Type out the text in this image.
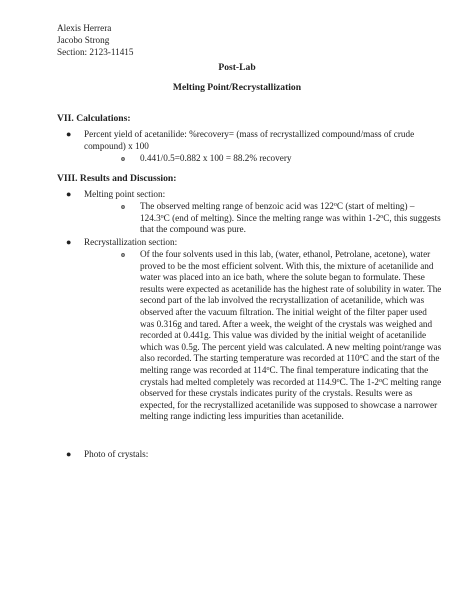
Alexis Herrera
Jacobo Strong
Section: 2123-11415
Post-Lab
Melting Point/Recrystallization
VII. Calculations:
● Percent yield of acetanilide: %recovery= (mass of recrystallized compound/mass of crude
compound) x 100
o 0.441/0.5=0.882 x 100 = 88.2% recovery
VIII. Results and Discussion:
● Melting point section:
o The observed melting range of benzoic acid was 122$^o$C (start of melting) –
124.3$^o$C (end of melting). Since the melting range was within 1-2$^o$C, this suggests
that the compound was pure.
● Recrystallization section:
o Of the four solvents used in this lab, (water, ethanol, Petrolane, acetone), water
proved to be the most efficient solvent. With this, the mixture of acetanilide and
water was placed into an ice bath, where the solute began to formulate. These
results were expected as acetanilide has the highest rate of solubility in water. The
second part of the lab involved the recrystallization of acetanilide, which was
observed after the vacuum filtration. The initial weight of the filter paper used
was 0.316g and tared. After a week, the weight of the crystals was weighed and
recorded at 0.441g. This value was divided by the initial weight of acetanilide
which was 0.5g. The percent yield was calculated. A new melting point/range was
also recorded. The starting temperature was recorded at 110$^o$C and the start of the
melting range was recorded at 114$^o$C. The final temperature indicating that the
crystals had melted completely was recorded at 114.9$^o$C. The 1-2$^o$C melting range
observed for these crystals indicates purity of the crystals. Results were as
expected, for the recrystallized acetanilide was supposed to showcase a narrower
melting range indicting less impurities than acetanilide.
● Photo of crystals:
